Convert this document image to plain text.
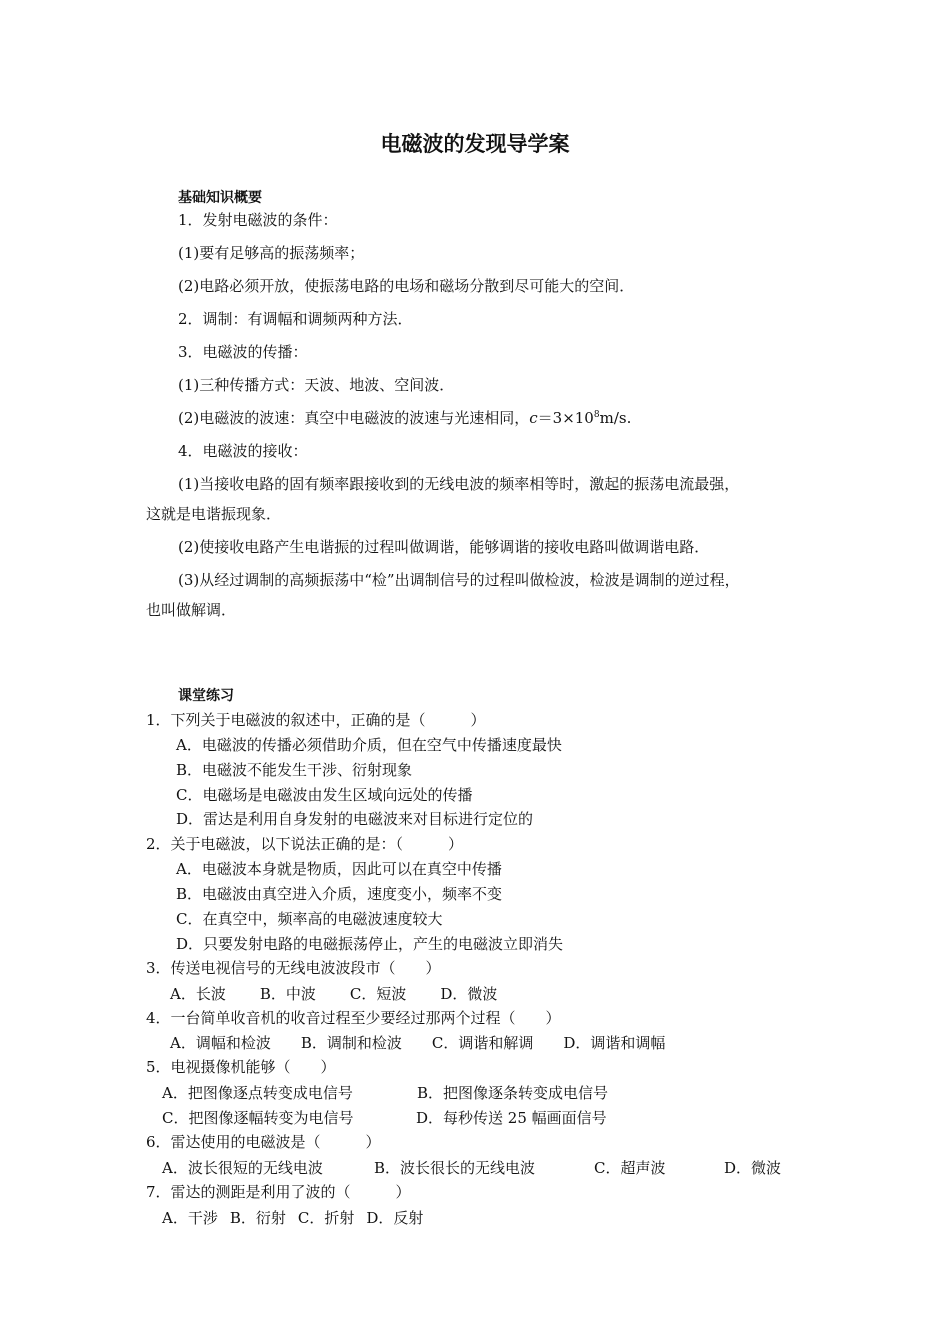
电磁波的发现导学案
基础知识概要
1．发射电磁波的条件：
(1)要有足够高的振荡频率；
(2)电路必须开放，使振荡电路的电场和磁场分散到尽可能大的空间．
2．调制：有调幅和调频两种方法．
3．电磁波的传播：
(1)三种传播方式：天波、地波、空间波．
(2)电磁波的波速：真空中电磁波的波速与光速相同，$c=3\times 10^8m/s$.
4．电磁波的接收：
(1)当接收电路的固有频率跟接收到的无线电波的频率相等时，激起的振荡电流最强，
这就是电谐振现象．
(2)使接收电路产生电谐振的过程叫做调谐，能够调谐的接收电路叫做调谐电路．
(3)从经过调制的高频振荡中“检”出调制信号的过程叫做检波，检波是调制的逆过程，
也叫做解调．
课堂练习
1．下列关于电磁波的叙述中，正确的是（　　　）
A．电磁波的传播必须借助介质，但在空气中传播速度最快
B．电磁波不能发生干涉、衍射现象
C．电磁场是电磁波由发生区域向远处的传播
D．雷达是利用自身发射的电磁波来对目标进行定位的
2．关于电磁波，以下说法正确的是：（　　　）
A．电磁波本身就是物质，因此可以在真空中传播
B．电磁波由真空进入介质，速度变小，频率不变
C．在真空中，频率高的电磁波速度较大
D．只要发射电路的电磁振荡停止，产生的电磁波立即消失
3．传送电视信号的无线电波波段市（　　）
A．长波 B．中波 C．短波 D．微波
4．一台简单收音机的收音过程至少要经过那两个过程（　　）
A．调幅和检波 B．调制和检波 C．调谐和解调 D．调谐和调幅
5．电视摄像机能够（　　）
A．把图像逐点转变成电信号	B．把图像逐条转变成电信号
C．把图像逐幅转变为电信号	D．每秒传送 25 幅画面信号
6．雷达使用的电磁波是（　　　）
A．波长很短的无线电波	B．波长很长的无线电波	C．超声波	D．微波
7．雷达的测距是利用了波的（　　　）
A．干涉 B．衍射 C．折射 D．反射
